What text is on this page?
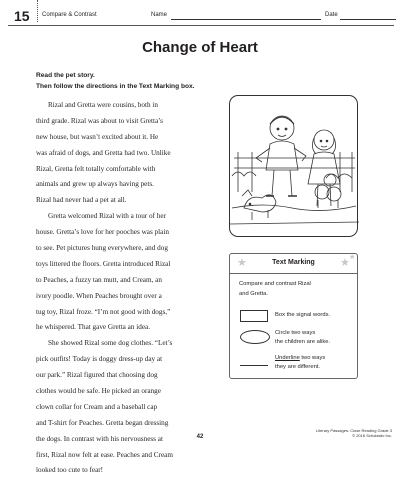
15 Compare & Contrast	Name	Date
Change of Heart
Read the pet story.
Then follow the directions in the Text Marking box.
Rizal and Gretta were cousins, both in
third grade. Rizal was about to visit Gretta’s
new house, but wasn’t excited about it. He
was afraid of dogs, and Gretta had two. Unlike
Rizal, Gretta felt totally comfortable with
animals and grew up always having pets.
Rizal had never had a pet at all.
Gretta welcomed Rizal with a tour of her
house. Gretta’s love for her pooches was plain
to see. Pet pictures hung everywhere, and dog
toys littered the floors. Gretta introduced Rizal
to Peaches, a fuzzy tan mutt, and Cream, an
ivory poodle. When Peaches brought over a
tug toy, Rizal froze. “I’m not good with dogs,”
he whispered. That gave Gretta an idea.
She showed Rizal some dog clothes. “Let’s
pick outfits! Today is doggy dress-up day at
our park.” Rizal figured that choosing dog
clothes would be safe. He picked an orange
clown collar for Cream and a baseball cap
and T-shirt for Peaches. Gretta began dressing
the dogs. In contrast with his nervousness at
first, Rizal now felt at ease. Peaches and Cream
looked too cute to fear!
★	★ ★
Text Marking
Compare and contrast Rizal
and Gretta.
Box the signal words.
Circle two ways
the children are alike.
Underline two ways
they are different.
42
Literary Passages: Close Reading Grade 3
© 2016 Scholastic Inc.
